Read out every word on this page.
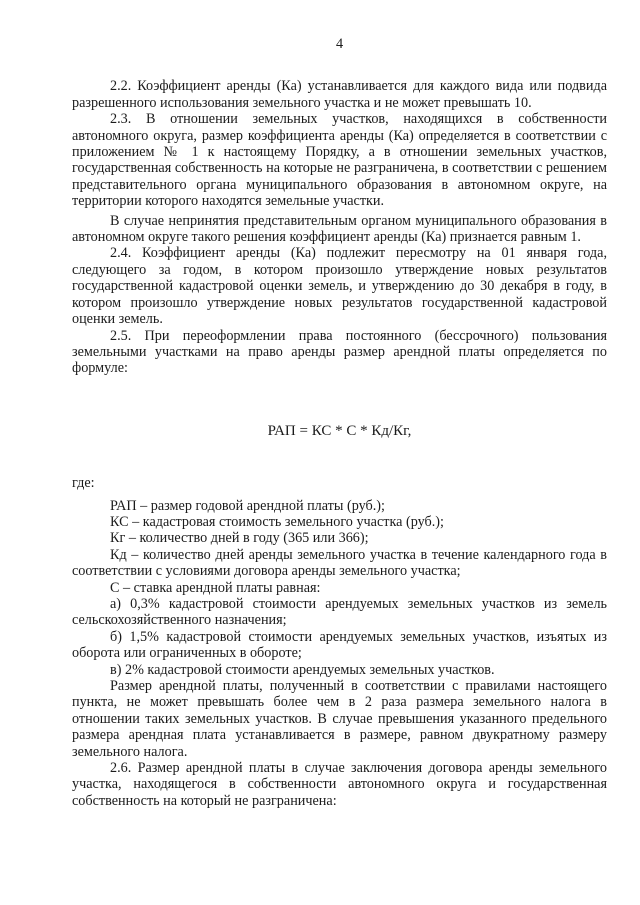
4

2.2. Коэффициент аренды (Ка) устанавливается для каждого вида или подвида разрешенного использования земельного участка и не может превышать 10.

2.3. В отношении земельных участков, находящихся в собственности автономного округа, размер коэффициента аренды (Ка) определяется в соответствии с приложением № 1 к настоящему Порядку, а в отношении земельных участков, государственная собственность на которые не разграничена, в соответствии с решением представительного органа муниципального образования в автономном округе, на территории которого находятся земельные участки.

В случае непринятия представительным органом муниципального образования в автономном округе такого решения коэффициент аренды (Ка) признается равным 1.

2.4. Коэффициент аренды (Ка) подлежит пересмотру на 01 января года, следующего за годом, в котором произошло утверждение новых результатов государственной кадастровой оценки земель, и утверждению до 30 декабря в году, в котором произошло утверждение новых результатов государственной кадастровой оценки земель.

2.5. При переоформлении права постоянного (бессрочного) пользования земельными участками на право аренды размер арендной платы определяется по формуле:

РАП = КС * С * Кд/Кг,

где:

РАП – размер годовой арендной платы (руб.);

КС – кадастровая стоимость земельного участка (руб.);

Кг – количество дней в году (365 или 366);

Кд – количество дней аренды земельного участка в течение календарного года в соответствии с условиями договора аренды земельного участка;

С – ставка арендной платы равная:

а) 0,3% кадастровой стоимости арендуемых земельных участков из земель сельскохозяйственного назначения;

б) 1,5% кадастровой стоимости арендуемых земельных участков, изъятых из оборота или ограниченных в обороте;

в) 2% кадастровой стоимости арендуемых земельных участков.

Размер арендной платы, полученный в соответствии с правилами настоящего пункта, не может превышать более чем в 2 раза размера земельного налога в отношении таких земельных участков. В случае превышения указанного предельного размера арендная плата устанавливается в размере, равном двукратному размеру земельного налога.

2.6. Размер арендной платы в случае заключения договора аренды земельного участка, находящегося в собственности автономного округа и государственная собственность на который не разграничена:
